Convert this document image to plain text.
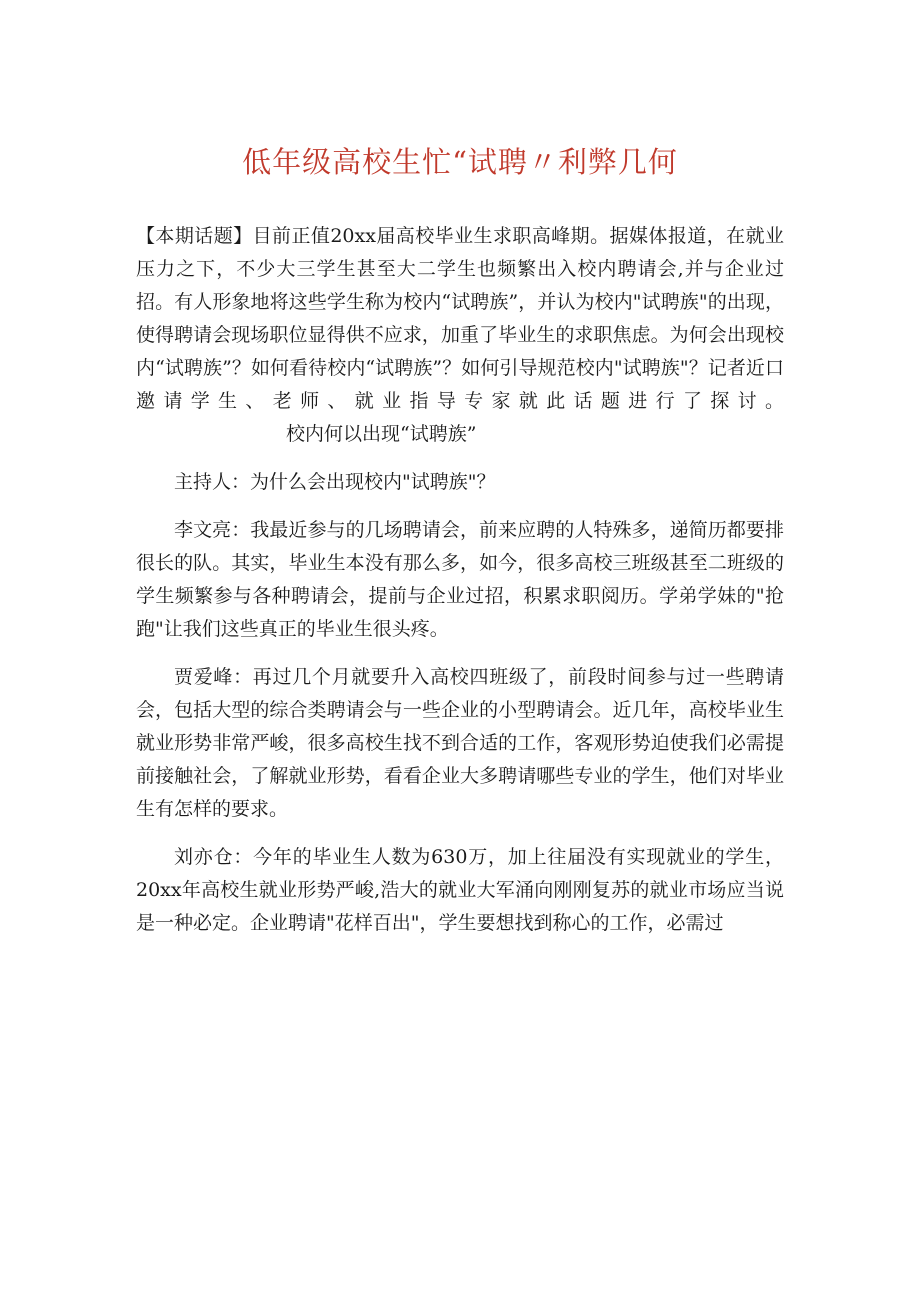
低年级高校生忙“试聘〃利弊几何

【本期话题】目前正值20xx届高校毕业生求职高峰期。据媒体报道，在就业压力之下，不少大三学生甚至大二学生也频繁出入校内聘请会,并与企业过招。有人形象地将这些学生称为校内“试聘族”，并认为校内"试聘族"的出现，使得聘请会现场职位显得供不应求，加重了毕业生的求职焦虑。为何会出现校内“试聘族”？如何看待校内“试聘族”？如何引导规范校内"试聘族"？记者近口邀请学生、老师、就业指导专家就此话题进行了探讨。校内何以出现“试聘族”

主持人：为什么会出现校内"试聘族"？

李文亮：我最近参与的几场聘请会，前来应聘的人特殊多，递简历都要排很长的队。其实，毕业生本没有那么多，如今，很多高校三班级甚至二班级的学生频繁参与各种聘请会，提前与企业过招，积累求职阅历。学弟学妹的"抢跑"让我们这些真正的毕业生很头疼。

贾爱峰：再过几个月就要升入高校四班级了，前段时间参与过一些聘请会，包括大型的综合类聘请会与一些企业的小型聘请会。近几年，高校毕业生就业形势非常严峻，很多高校生找不到合适的工作，客观形势迫使我们必需提前接触社会，了解就业形势，看看企业大多聘请哪些专业的学生，他们对毕业生有怎样的要求。

刘亦仓：今年的毕业生人数为630万，加上往届没有实现就业的学生，20xx年高校生就业形势严峻,浩大的就业大军涌向刚刚复苏的就业市场应当说是一种必定。企业聘请"花样百出"，学生要想找到称心的工作，必需过
